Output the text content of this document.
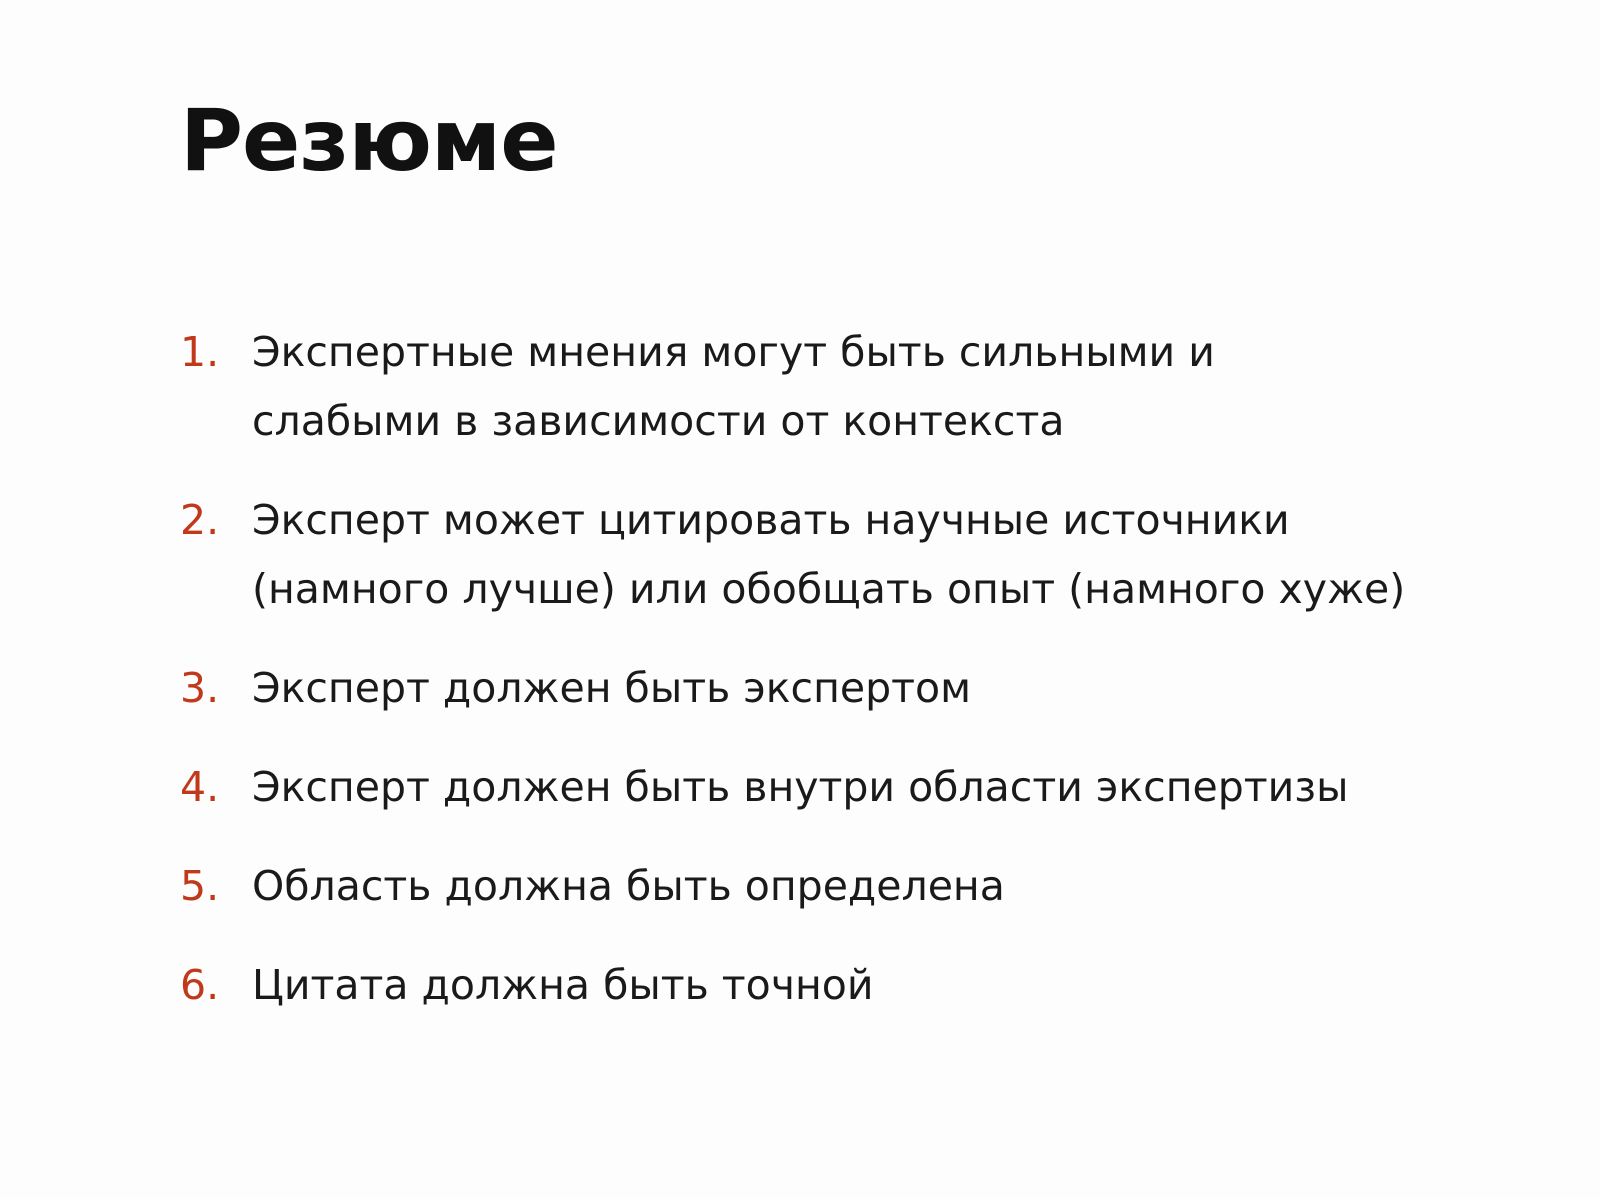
Резюме
1. Экспертные мнения могут быть сильными и
слабыми в зависимости от контекста
2. Эксперт может цитировать научные источники
(намного лучше) или обобщать опыт (намного хуже)
3. Эксперт должен быть экспертом
4. Эксперт должен быть внутри области экспертизы
5. Область должна быть определена
6. Цитата должна быть точной
